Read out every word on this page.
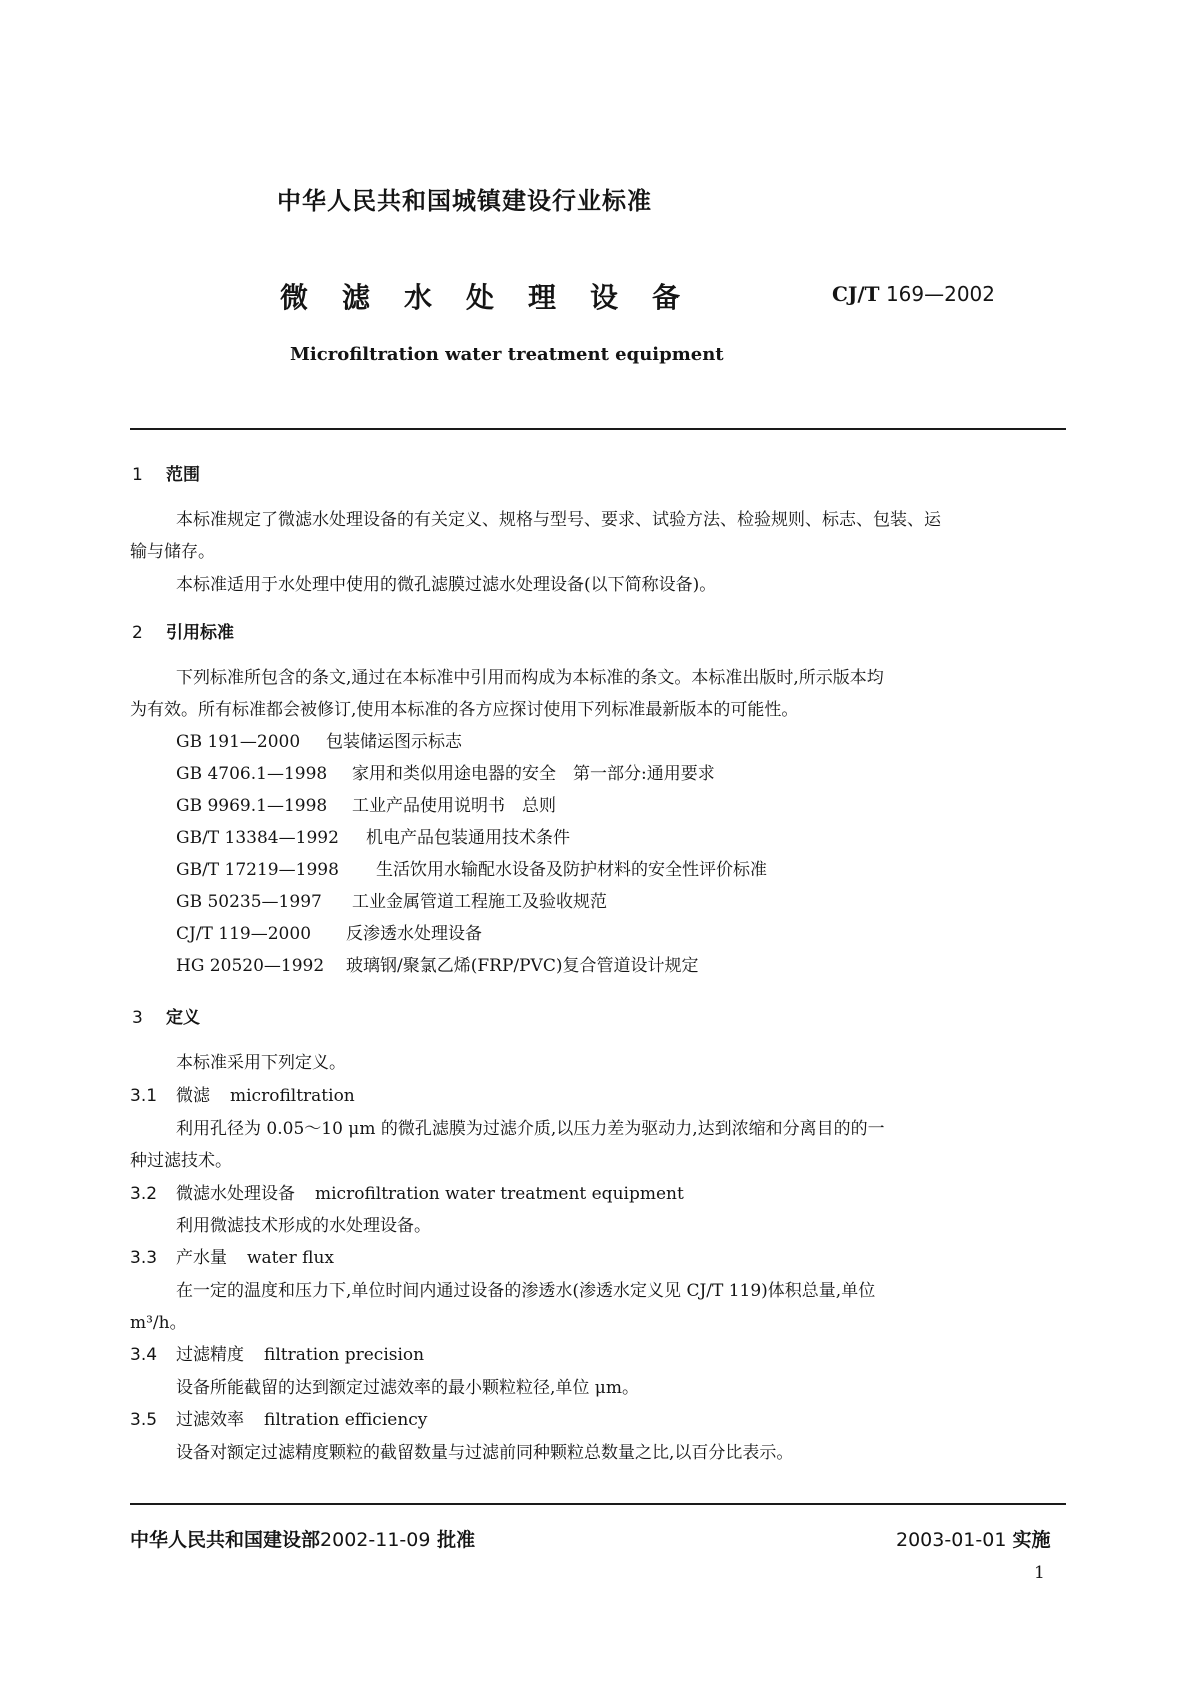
中华人民共和国城镇建设行业标准
微滤水处理设备	CJ/T 169—2002
Microfiltration water treatment equipment
1 范围
本标准规定了微滤水处理设备的有关定义、规格与型号、要求、试验方法、检验规则、标志、包装、运
输与储存。
本标准适用于水处理中使用的微孔滤膜过滤水处理设备(以下简称设备)。
2 引用标准
下列标准所包含的条文,通过在本标准中引用而构成为本标准的条文。本标准出版时,所示版本均
为有效。所有标准都会被修订,使用本标准的各方应探讨使用下列标准最新版本的可能性。
GB 191—2000 包装储运图示标志
GB 4706.1—1998 家用和类似用途电器的安全　第一部分:通用要求
GB 9969.1—1998 工业产品使用说明书　总则
GB/T 13384—1992 机电产品包装通用技术条件
GB/T 17219—1998 生活饮用水输配水设备及防护材料的安全性评价标准
GB 50235—1997 工业金属管道工程施工及验收规范
CJ/T 119—2000 反渗透水处理设备
HG 20520—1992 玻璃钢/聚氯乙烯(FRP/PVC)复合管道设计规定
3 定义
本标准采用下列定义。
3.1 微滤 microfiltration
利用孔径为 0.05～10 μm 的微孔滤膜为过滤介质,以压力差为驱动力,达到浓缩和分离目的的一
种过滤技术。
3.2 微滤水处理设备 microfiltration water treatment equipment
利用微滤技术形成的水处理设备。
3.3 产水量 water flux
在一定的温度和压力下,单位时间内通过设备的渗透水(渗透水定义见 CJ/T 119)体积总量,单位
m³/h。
3.4 过滤精度 filtration precision
设备所能截留的达到额定过滤效率的最小颗粒粒径,单位 μm。
3.5 过滤效率 filtration efficiency
设备对额定过滤精度颗粒的截留数量与过滤前同种颗粒总数量之比,以百分比表示。
中华人民共和国建设部2002-11-09 批准	2003-01-01 实施
1
